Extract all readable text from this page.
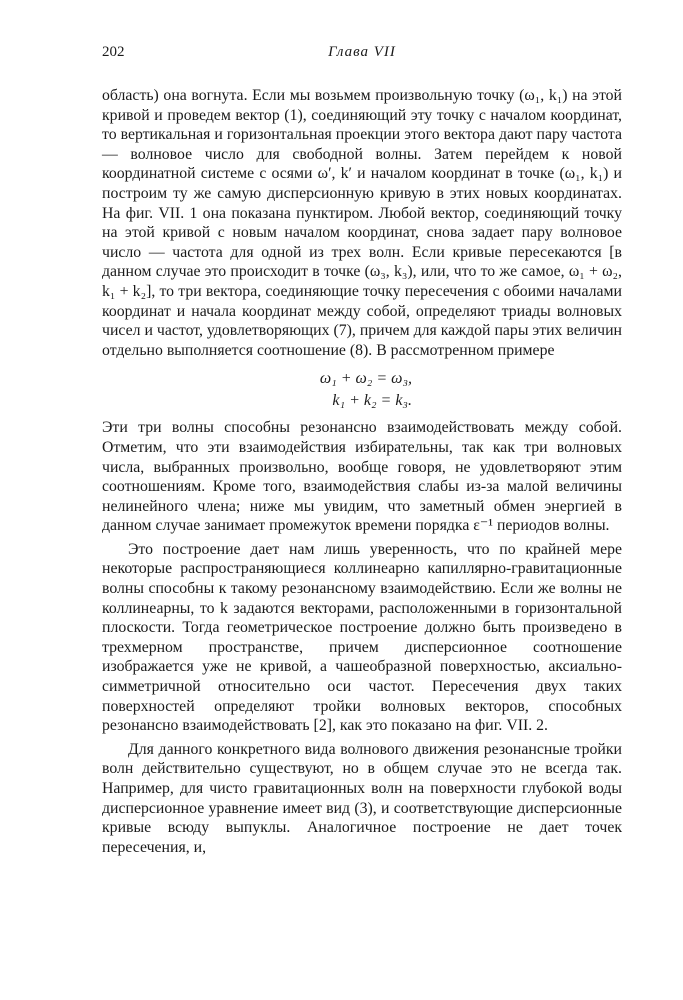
202	Глава VII

область) она вогнута. Если мы возьмем произвольную точку (ω₁, k₁) на этой кривой и проведем вектор (1), соединяющий эту точку с началом координат, то вертикальная и горизонтальная проекции этого вектора дают пару частота — волновое число для свободной волны. Затем перейдем к новой координатной системе с осями ω′, k′ и началом координат в точке (ω₁, k₁) и построим ту же самую дисперсионную кривую в этих новых координатах. На фиг. VII. 1 она показана пунктиром. Любой вектор, соединяющий точку на этой кривой с новым началом координат, снова задает пару волновое число — частота для одной из трех волн. Если кривые пересекаются [в данном случае это происходит в точке (ω₃, k₃), или, что то же самое, ω₁ + ω₂, k₁ + k₂], то три вектора, соединяющие точку пересечения с обоими началами координат и начала координат между собой, определяют триады волновых чисел и частот, удовлетворяющих (7), причем для каждой пары этих величин отдельно выполняется соотношение (8). В рассмотренном примере

ω₁ + ω₂ = ω₃,
k₁ + k₂ = k₃.

Эти три волны способны резонансно взаимодействовать между собой. Отметим, что эти взаимодействия избирательны, так как три волновых числа, выбранных произвольно, вообще говоря, не удовлетворяют этим соотношениям. Кроме того, взаимодействия слабы из-за малой величины нелинейного члена; ниже мы увидим, что заметный обмен энергией в данном случае занимает промежуток времени порядка ε⁻¹ периодов волны.

Это построение дает нам лишь уверенность, что по крайней мере некоторые распространяющиеся коллинеарно капиллярно-гравитационные волны способны к такому резонансному взаимодействию. Если же волны не коллинеарны, то k задаются векторами, расположенными в горизонтальной плоскости. Тогда геометрическое построение должно быть произведено в трехмерном пространстве, причем дисперсионное соотношение изображается уже не кривой, а чашеобразной поверхностью, аксиально-симметричной относительно оси частот. Пересечения двух таких поверхностей определяют тройки волновых векторов, способных резонансно взаимодействовать [2], как это показано на фиг. VII. 2.

Для данного конкретного вида волнового движения резонансные тройки волн действительно существуют, но в общем случае это не всегда так. Например, для чисто гравитационных волн на поверхности глубокой воды дисперсионное уравнение имеет вид (3), и соответствующие дисперсионные кривые всюду выпуклы. Аналогичное построение не дает точек пересечения, и,
